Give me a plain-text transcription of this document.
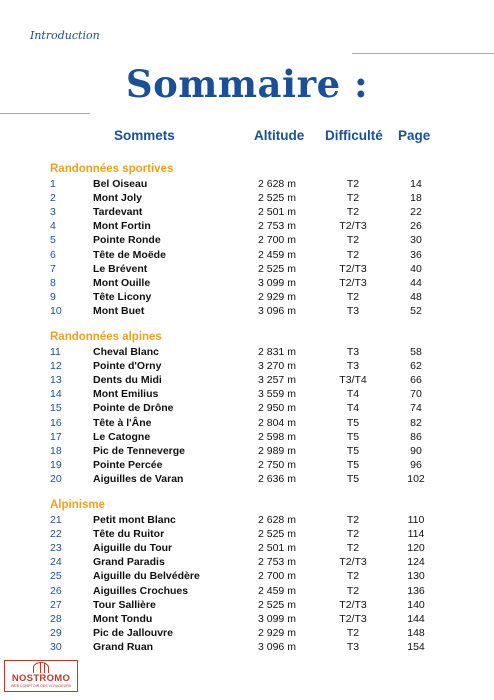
Introduction
Sommaire :
Sommets	Altitude Difficulté Page
Randonnées sportives
1	Bel Oiseau	2 628 m	T2	14
2	Mont Joly	2 525 m	T2	18
3	Tardevant	2 501 m	T2	22
4	Mont Fortin	2 753 m	T2/T3	26
5	Pointe Ronde	2 700 m	T2	30
6	Tête de Moëde	2 459 m	T2	36
7	Le Brévent	2 525 m	T2/T3	40
8	Mont Ouille	3 099 m	T2/T3	44
9	Tête Licony	2 929 m	T2	48
10	Mont Buet	3 096 m	T3	52
Randonnées alpines
11	Cheval Blanc	2 831 m	T3	58
12	Pointe d'Orny	3 270 m	T3	62
13	Dents du Midi	3 257 m	T3/T4	66
14	Mont Emilius	3 559 m	T4	70
15	Pointe de Drône	2 950 m	T4	74
16	Tête à l'Âne	2 804 m	T5	82
17	Le Catogne	2 598 m	T5	86
18	Pic de Tenneverge	2 989 m	T5	90
19	Pointe Percée	2 750 m	T5	96
20	Aiguilles de Varan	2 636 m	T5	102
Alpinisme
21	Petit mont Blanc	2 628 m	T2	110
22	Tête du Ruitor	2 525 m	T2	114
23	Aiguille du Tour	2 501 m	T2	120
24	Grand Paradis	2 753 m	T2/T3	124
25	Aiguille du Belvédère	2 700 m	T2	130
26	Aiguilles Crochues	2 459 m	T2	136
27	Tour Sallière	2 525 m	T2/T3	140
28	Mont Tondu	3 099 m	T2/T3	144
29	Pic de Jallouvre	2 929 m	T2	148
30	Grand Ruan	3 096 m	T3	154
NOSTROMO
WEB COMPTOIR DES VOYAGEURS
